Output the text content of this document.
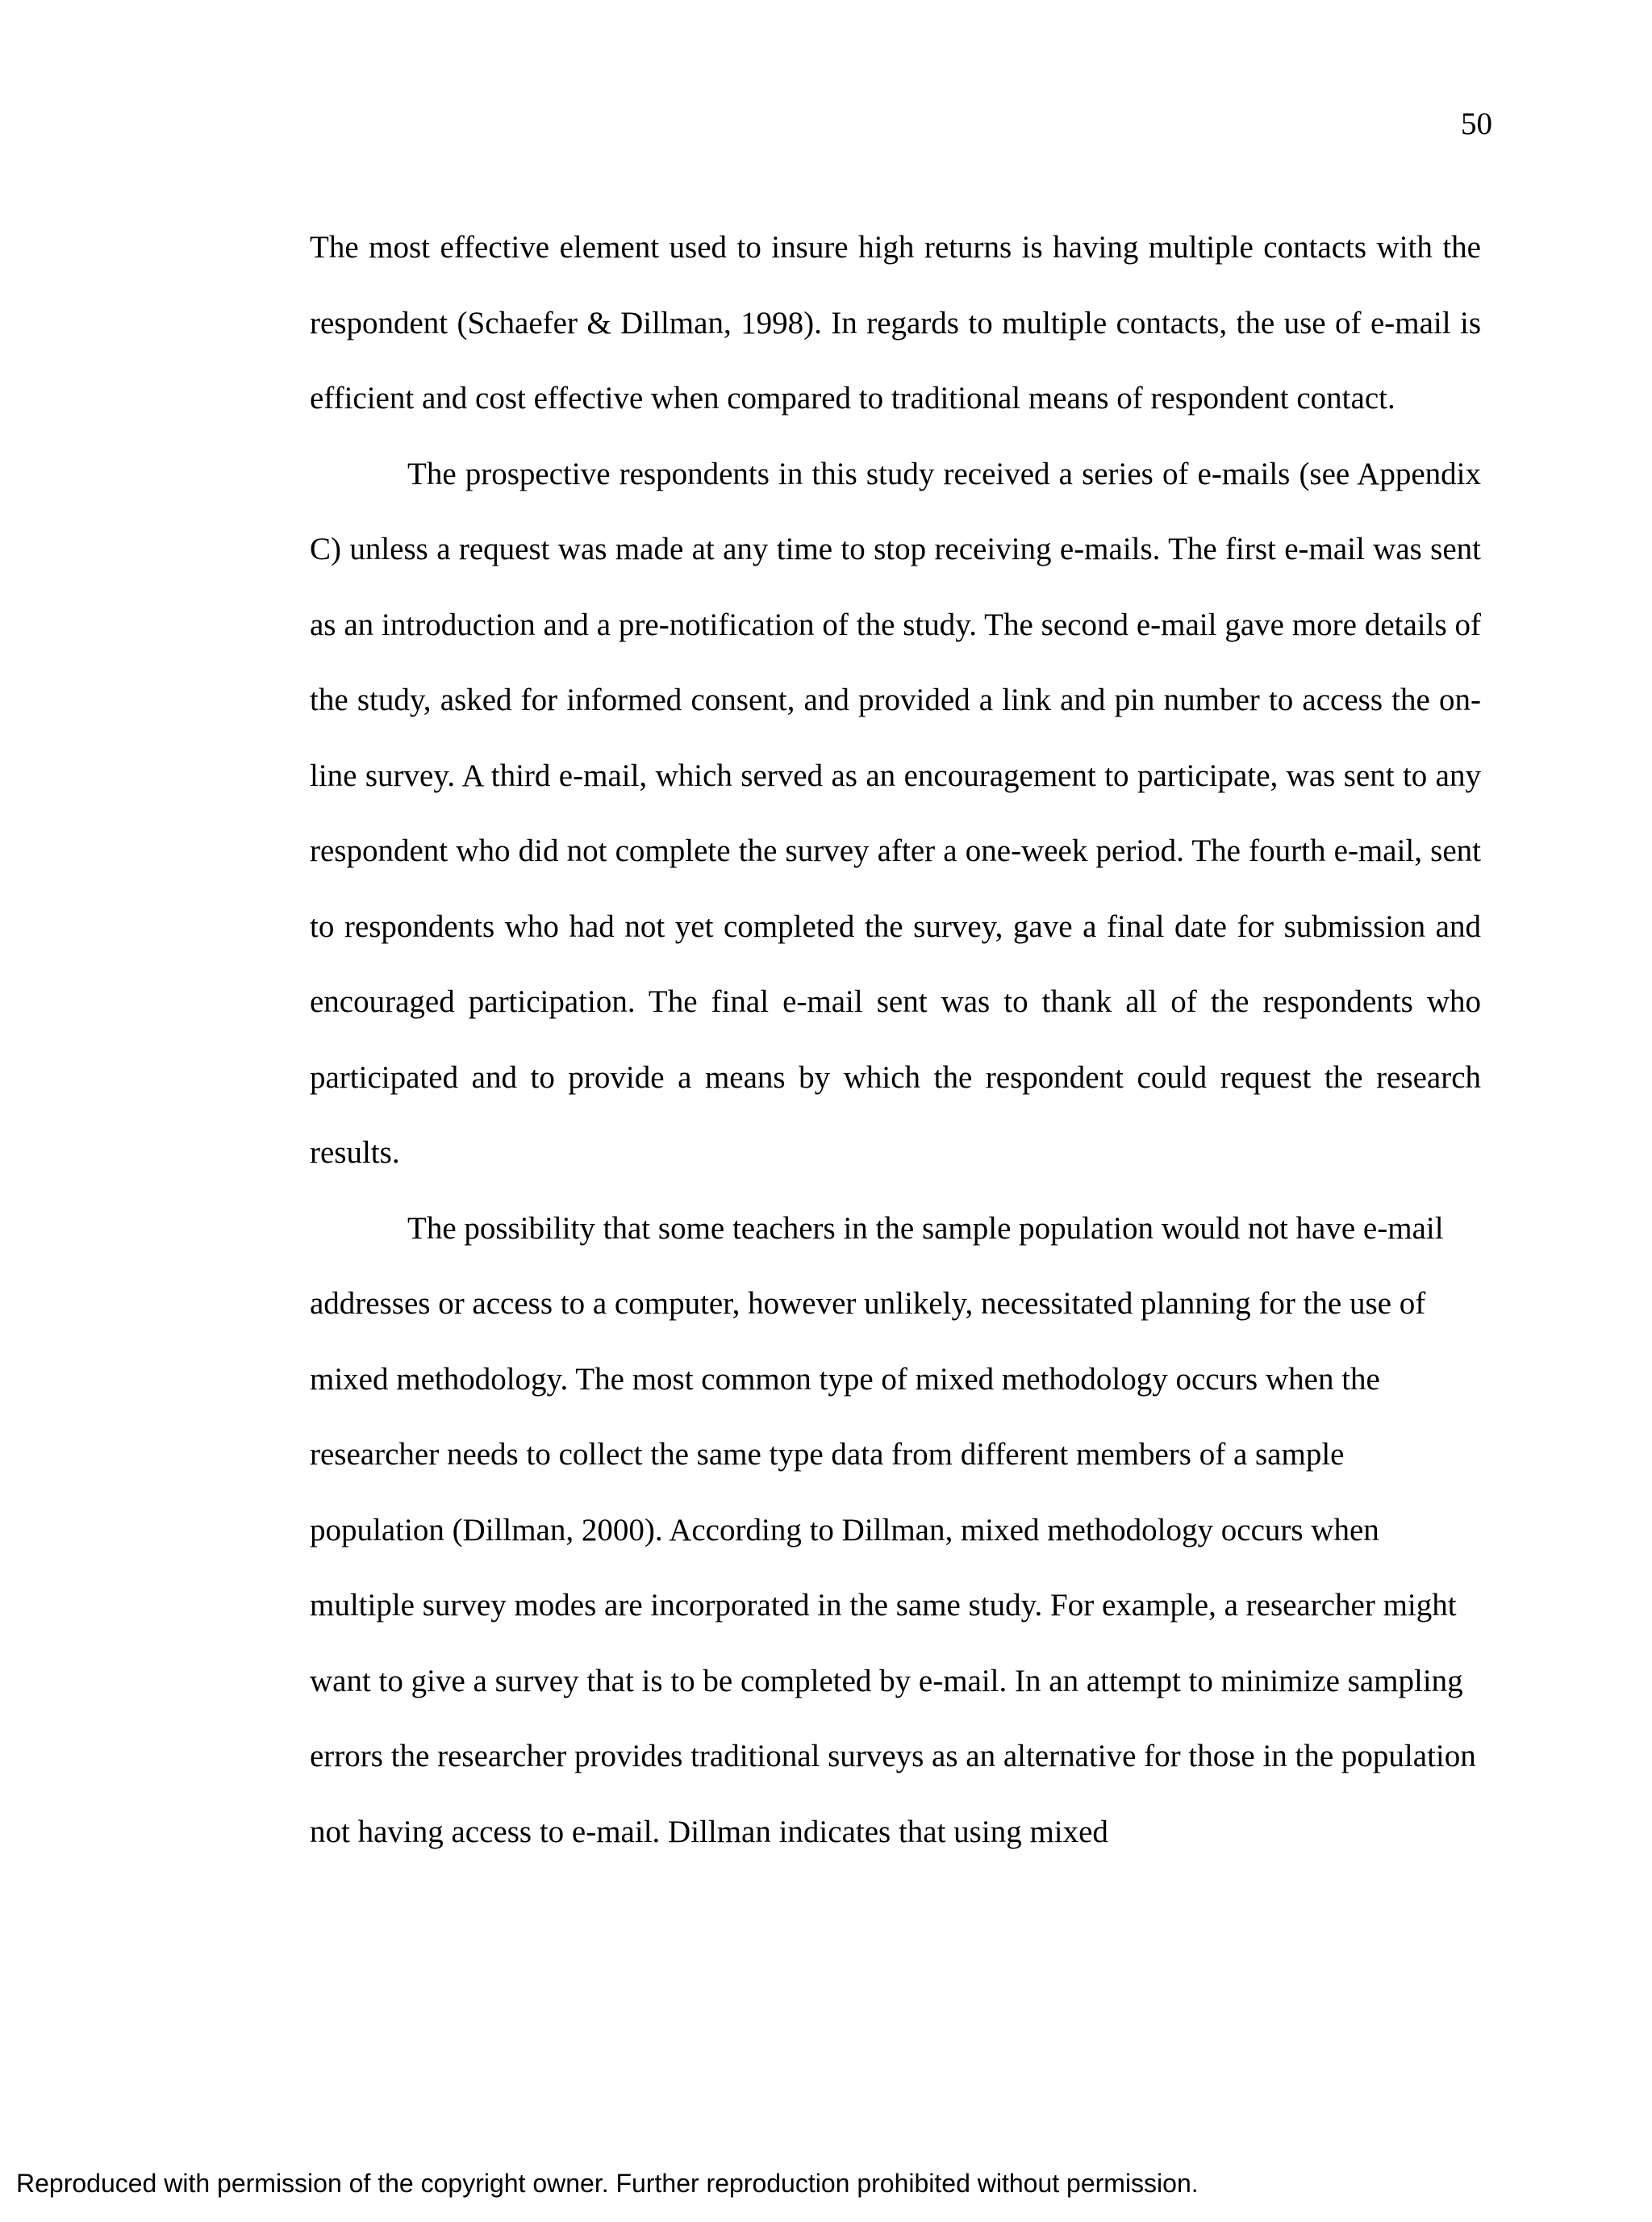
50

The most effective element used to insure high returns is having multiple contacts with the respondent (Schaefer & Dillman, 1998). In regards to multiple contacts, the use of e-mail is efficient and cost effective when compared to traditional means of respondent contact.

The prospective respondents in this study received a series of e-mails (see Appendix C) unless a request was made at any time to stop receiving e-mails. The first e-mail was sent as an introduction and a pre-notification of the study. The second e-mail gave more details of the study, asked for informed consent, and provided a link and pin number to access the on-line survey. A third e-mail, which served as an encouragement to participate, was sent to any respondent who did not complete the survey after a one-week period. The fourth e-mail, sent to respondents who had not yet completed the survey, gave a final date for submission and encouraged participation. The final e-mail sent was to thank all of the respondents who participated and to provide a means by which the respondent could request the research results.

The possibility that some teachers in the sample population would not have e-mail addresses or access to a computer, however unlikely, necessitated planning for the use of mixed methodology. The most common type of mixed methodology occurs when the researcher needs to collect the same type data from different members of a sample population (Dillman, 2000). According to Dillman, mixed methodology occurs when multiple survey modes are incorporated in the same study. For example, a researcher might want to give a survey that is to be completed by e-mail. In an attempt to minimize sampling errors the researcher provides traditional surveys as an alternative for those in the population not having access to e-mail. Dillman indicates that using mixed

Reproduced with permission of the copyright owner. Further reproduction prohibited without permission.
